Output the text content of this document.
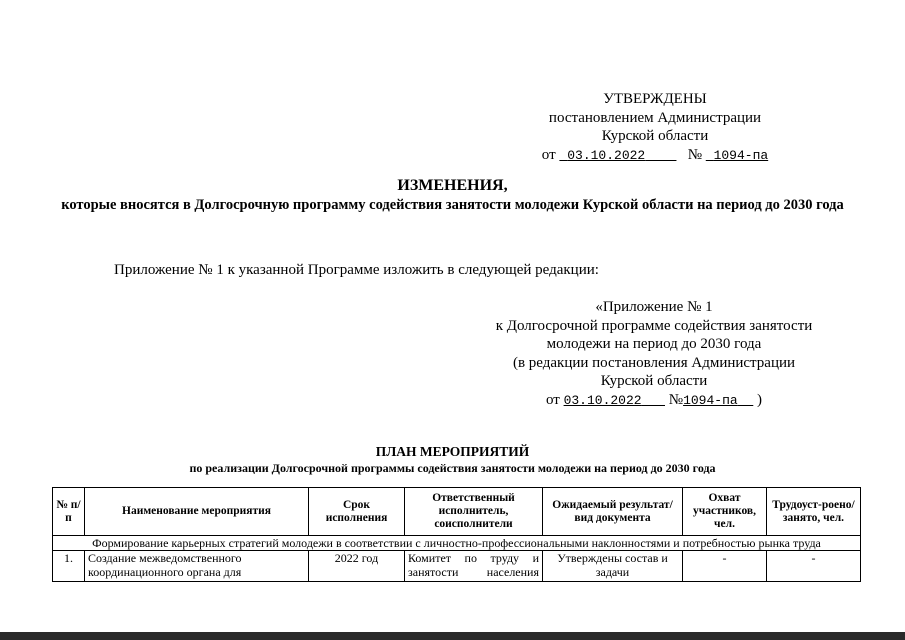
УТВЕРЖДЕНЫ
постановлением Администрации
Курской области
от 03.10.2022	№ 1094-па
ИЗМЕНЕНИЯ,
которые вносятся в Долгосрочную программу содействия занятости молодежи Курской области на период до 2030 года
Приложение № 1 к указанной Программе изложить в следующей редакции:
«Приложение № 1
к Долгосрочной программе содействия занятости
молодежи на период до 2030 года
(в редакции постановления Администрации
Курской области
от 03.10.2022 №1094-па )
ПЛАН МЕРОПРИЯТИЙ
по реализации Долгосрочной программы содействия занятости молодежи на период до 2030 года
№ п/п	Наименование мероприятия	Срок исполнения	Ответственный исполнитель, соисполнители	Ожидаемый результат/вид документа	Охват участников, чел.	Трудоуст-роено/занято, чел.
Формирование карьерных стратегий молодежи в соответствии с личностно-профессиональными наклонностями и потребностью рынка труда						
1.	Создание межведомственного координационного органа для	2022 год	Комитет по труду и занятости населения	Утверждены состав и задачи	-	-
